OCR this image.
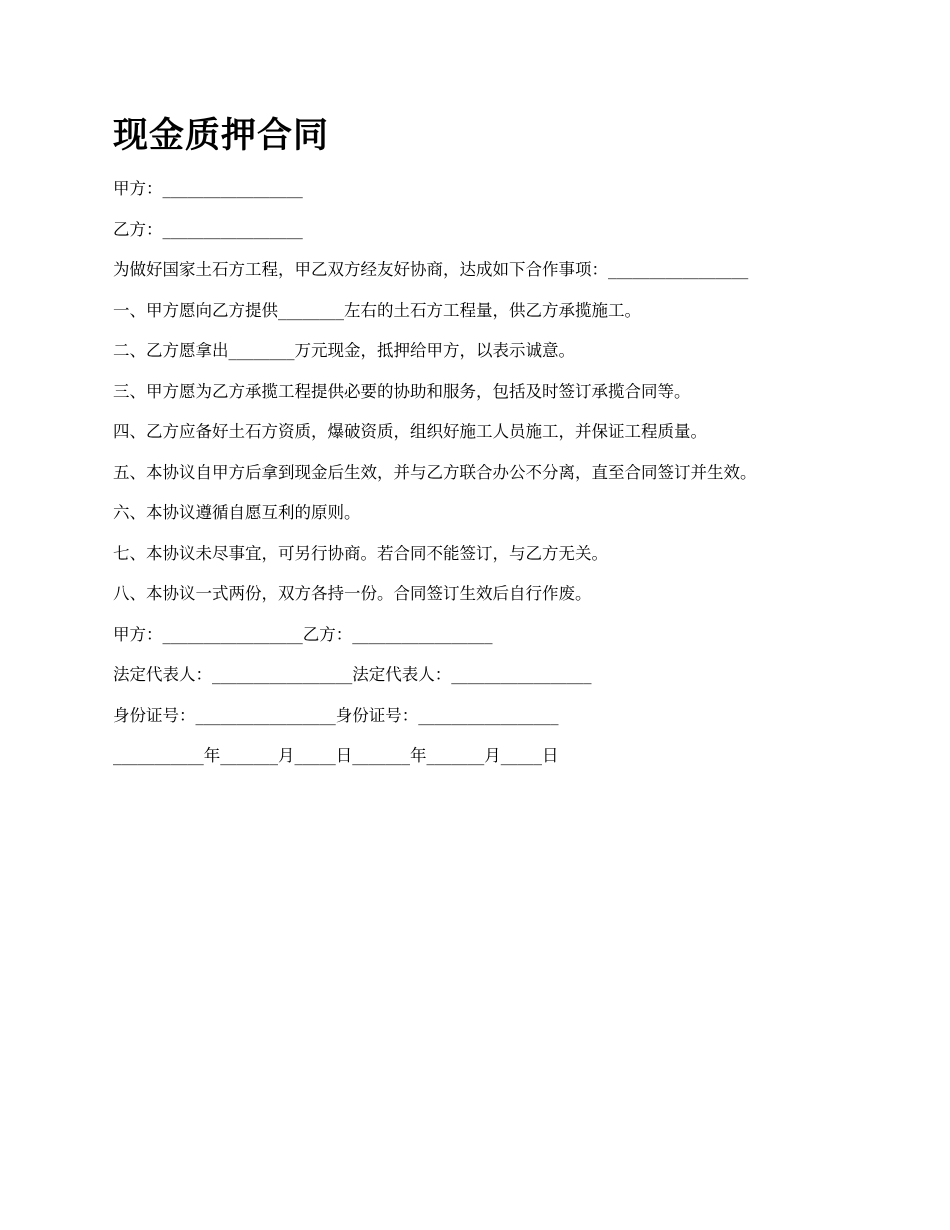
现金质押合同
甲方：_________________
乙方：_________________
为做好国家土石方工程，甲乙双方经友好协商，达成如下合作事项：_________________
一、甲方愿向乙方提供________左右的土石方工程量，供乙方承揽施工。
二、乙方愿拿出________万元现金，抵押给甲方，以表示诚意。
三、甲方愿为乙方承揽工程提供必要的协助和服务，包括及时签订承揽合同等。
四、乙方应备好土石方资质，爆破资质，组织好施工人员施工，并保证工程质量。
五、本协议自甲方后拿到现金后生效，并与乙方联合办公不分离，直至合同签订并生效。
六、本协议遵循自愿互利的原则。
七、本协议未尽事宜，可另行协商。若合同不能签订，与乙方无关。
八、本协议一式两份，双方各持一份。合同签订生效后自行作废。
甲方：_________________乙方：_________________
法定代表人：_________________法定代表人：_________________
身份证号：_________________身份证号：_________________
___________年_______月_____日_______年_______月_____日
